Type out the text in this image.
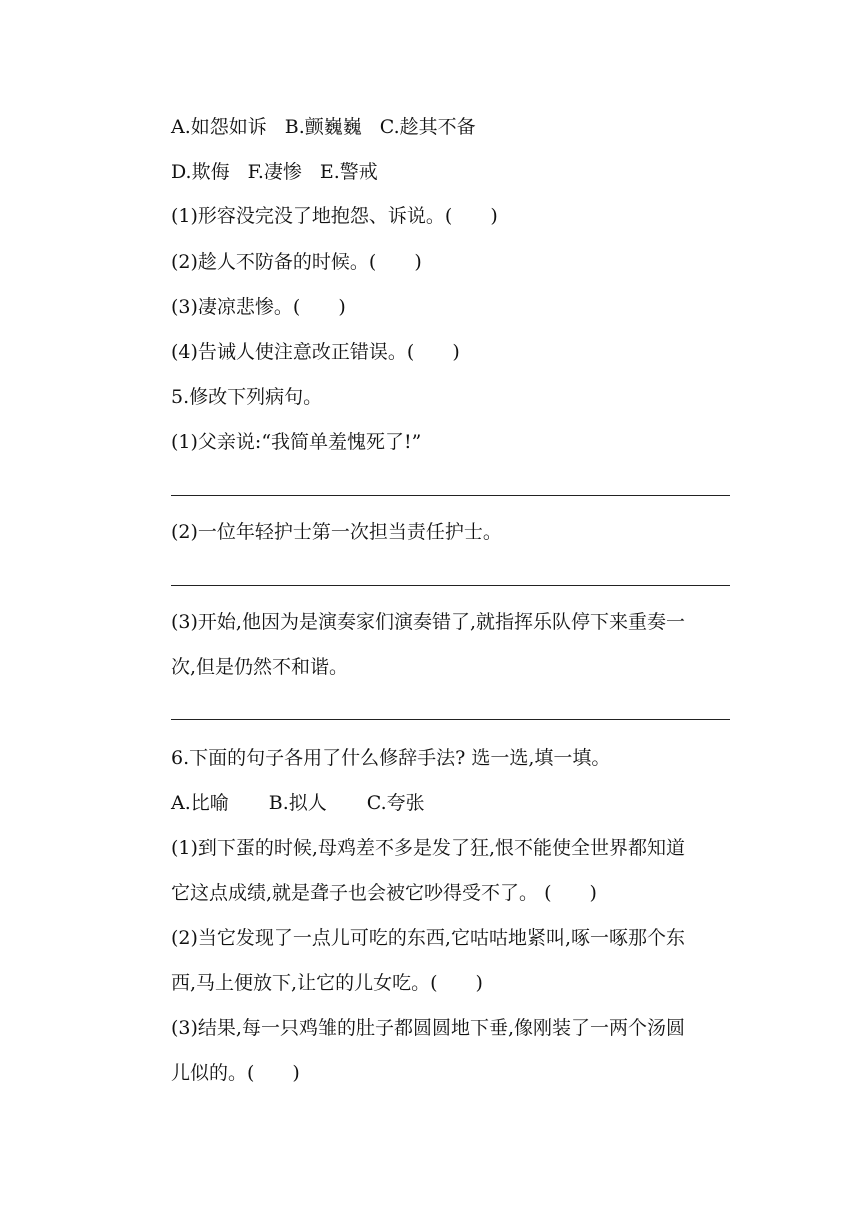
A.如怨如诉 B.颤巍巍 C.趁其不备
D.欺侮 F.凄惨 E.警戒
(1)形容没完没了地抱怨、诉说。(　　)
(2)趁人不防备的时候。(　　)
(3)凄凉悲惨。(　　)
(4)告诫人使注意改正错误。(　　)
5.修改下列病句。
(1)父亲说:“我简单羞愧死了!”
(2)一位年轻护士第一次担当责任护士。
(3)开始,他因为是演奏家们演奏错了,就指挥乐队停下来重奏一
次,但是仍然不和谐。
6.下面的句子各用了什么修辞手法? 选一选,填一填。
A.比喻 B.拟人 C.夸张
(1)到下蛋的时候,母鸡差不多是发了狂,恨不能使全世界都知道
它这点成绩,就是聋子也会被它吵得受不了。 (　　)
(2)当它发现了一点儿可吃的东西,它咕咕地紧叫,啄一啄那个东
西,马上便放下,让它的儿女吃。(　　)
(3)结果,每一只鸡雏的肚子都圆圆地下垂,像刚装了一两个汤圆
儿似的。(　　)
